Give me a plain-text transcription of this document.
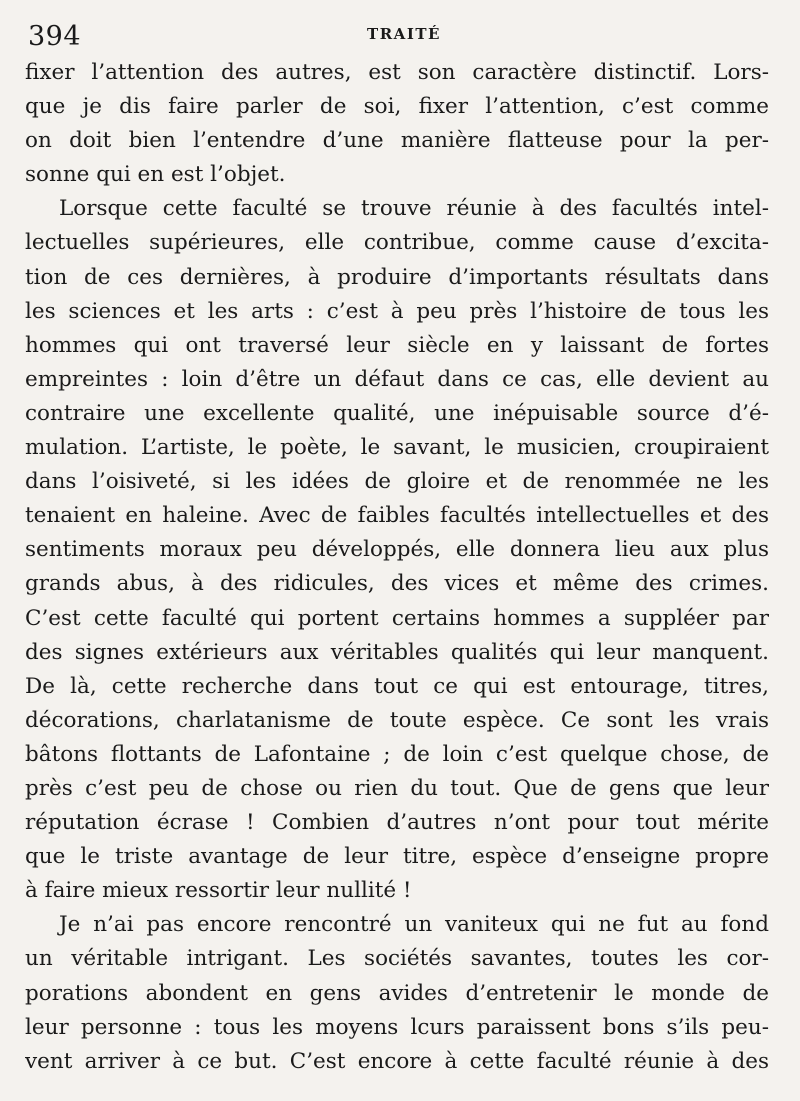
394	TRAITÉ
fixer l’attention des autres, est son caractère distinctif. Lors-
que je dis faire parler de soi, fixer l’attention, c’est comme
on doit bien l’entendre d’une manière flatteuse pour la per-
sonne qui en est l’objet.
Lorsque cette faculté se trouve réunie à des facultés intel-
lectuelles supérieures, elle contribue, comme cause d’excita-
tion de ces dernières, à produire d’importants résultats dans
les sciences et les arts : c’est à peu près l’histoire de tous les
hommes qui ont traversé leur siècle en y laissant de fortes
empreintes : loin d’être un défaut dans ce cas, elle devient au
contraire une excellente qualité, une inépuisable source d’é-
mulation. L’artiste, le poète, le savant, le musicien, croupiraient
dans l’oisiveté, si les idées de gloire et de renommée ne les
tenaient en haleine. Avec de faibles facultés intellectuelles et des
sentiments moraux peu développés, elle donnera lieu aux plus
grands abus, à des ridicules, des vices et même des crimes.
C’est cette faculté qui portent certains hommes a suppléer par
des signes extérieurs aux véritables qualités qui leur manquent.
De là, cette recherche dans tout ce qui est entourage, titres,
décorations, charlatanisme de toute espèce. Ce sont les vrais
bâtons flottants de Lafontaine ; de loin c’est quelque chose, de
près c’est peu de chose ou rien du tout. Que de gens que leur
réputation écrase ! Combien d’autres n’ont pour tout mérite
que le triste avantage de leur titre, espèce d’enseigne propre
à faire mieux ressortir leur nullité !
Je n’ai pas encore rencontré un vaniteux qui ne fut au fond
un véritable intrigant. Les sociétés savantes, toutes les cor-
porations abondent en gens avides d’entretenir le monde de
leur personne : tous les moyens lcurs paraissent bons s’ils peu-
vent arriver à ce but. C’est encore à cette faculté réunie à des
